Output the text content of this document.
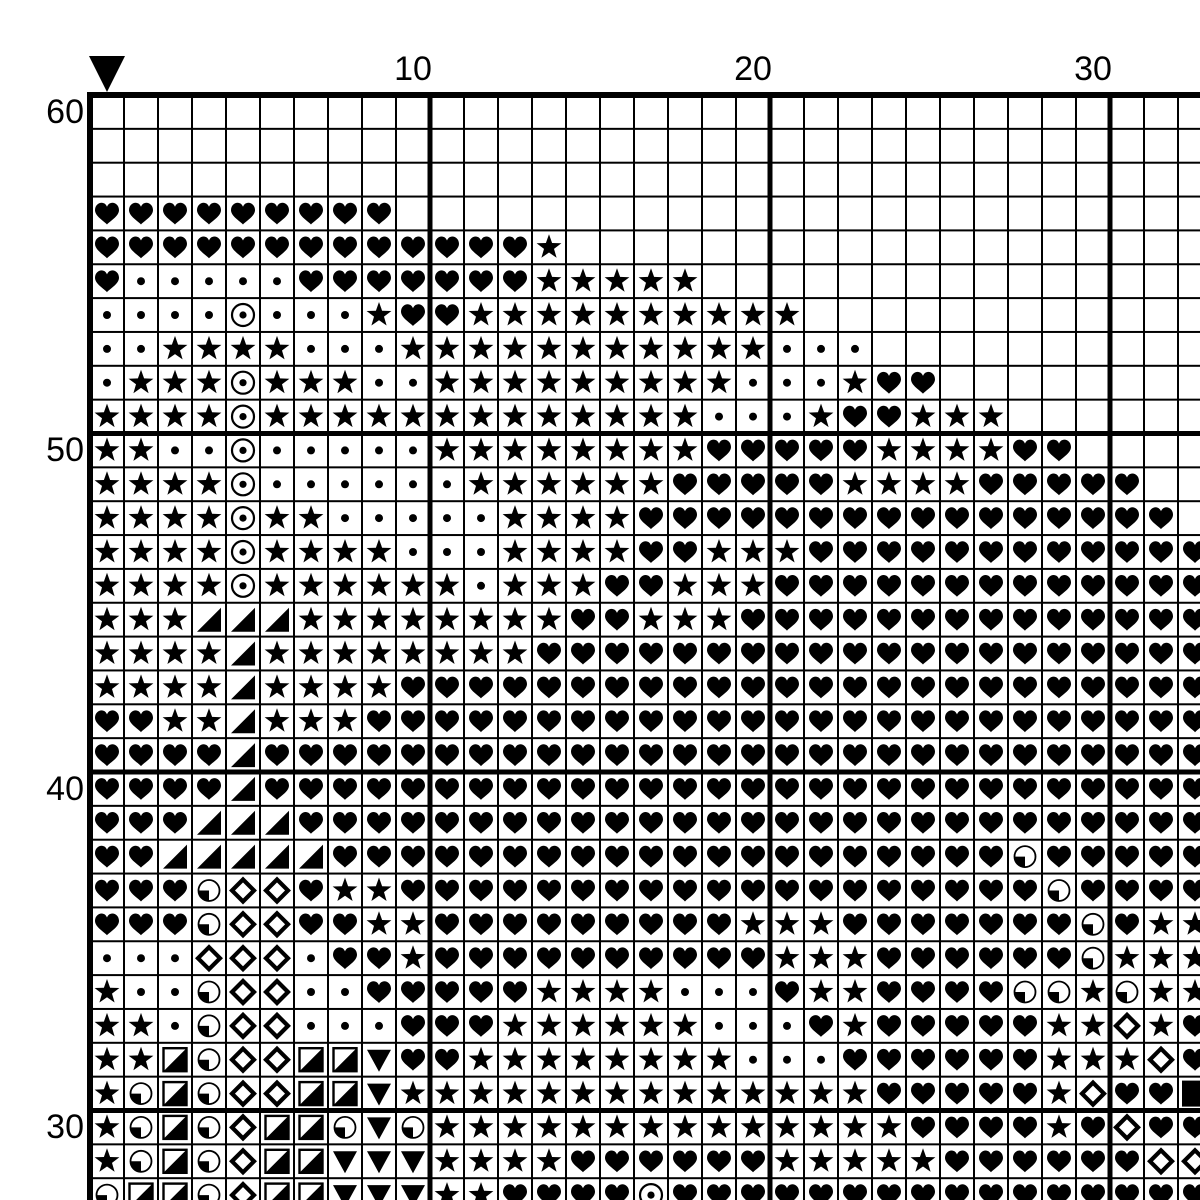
10	20	30
60
50
40
30
